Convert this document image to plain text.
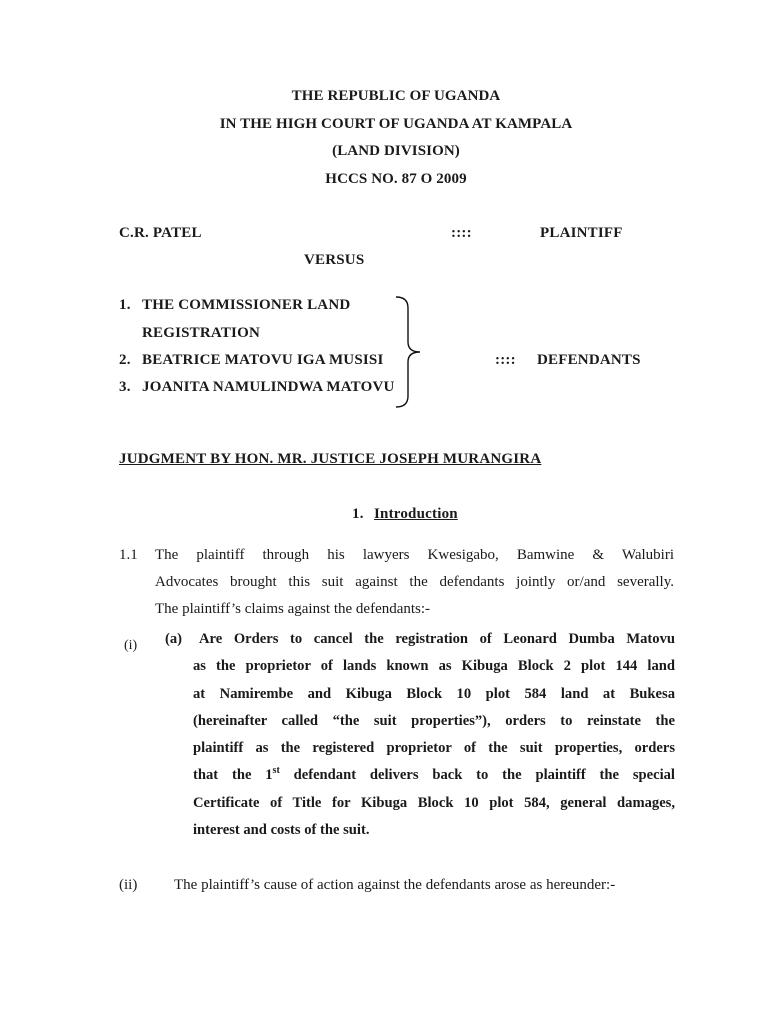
THE REPUBLIC OF UGANDA
IN THE HIGH COURT OF UGANDA AT KAMPALA
(LAND DIVISION)
HCCS NO. 87 O 2009
C.R. PATEL	::::	PLAINTIFF
VERSUS
1. THE COMMISSIONER LAND
REGISTRATION
2. BEATRICE MATOVU IGA MUSISI
3. JOANITA NAMULINDWA MATOVU
:::: DEFENDANTS
JUDGMENT BY HON. MR. JUSTICE JOSEPH MURANGIRA
1. Introduction
1.1 The plaintiff through his lawyers Kwesigabo, Bamwine & Walubiri
Advocates brought this suit against the defendants jointly or/and severally.
The plaintiff’s claims against the defendants:-
(i) (a) Are Orders to cancel the registration of Leonard Dumba Matovu
as the proprietor of lands known as Kibuga Block 2 plot 144 land
at Namirembe and Kibuga Block 10 plot 584 land at Bukesa
(hereinafter called “the suit properties”), orders to reinstate the
plaintiff as the registered proprietor of the suit properties, orders
that the 1st defendant delivers back to the plaintiff the special
Certificate of Title for Kibuga Block 10 plot 584, general damages,
interest and costs of the suit.
(ii) The plaintiff’s cause of action against the defendants arose as hereunder:-
